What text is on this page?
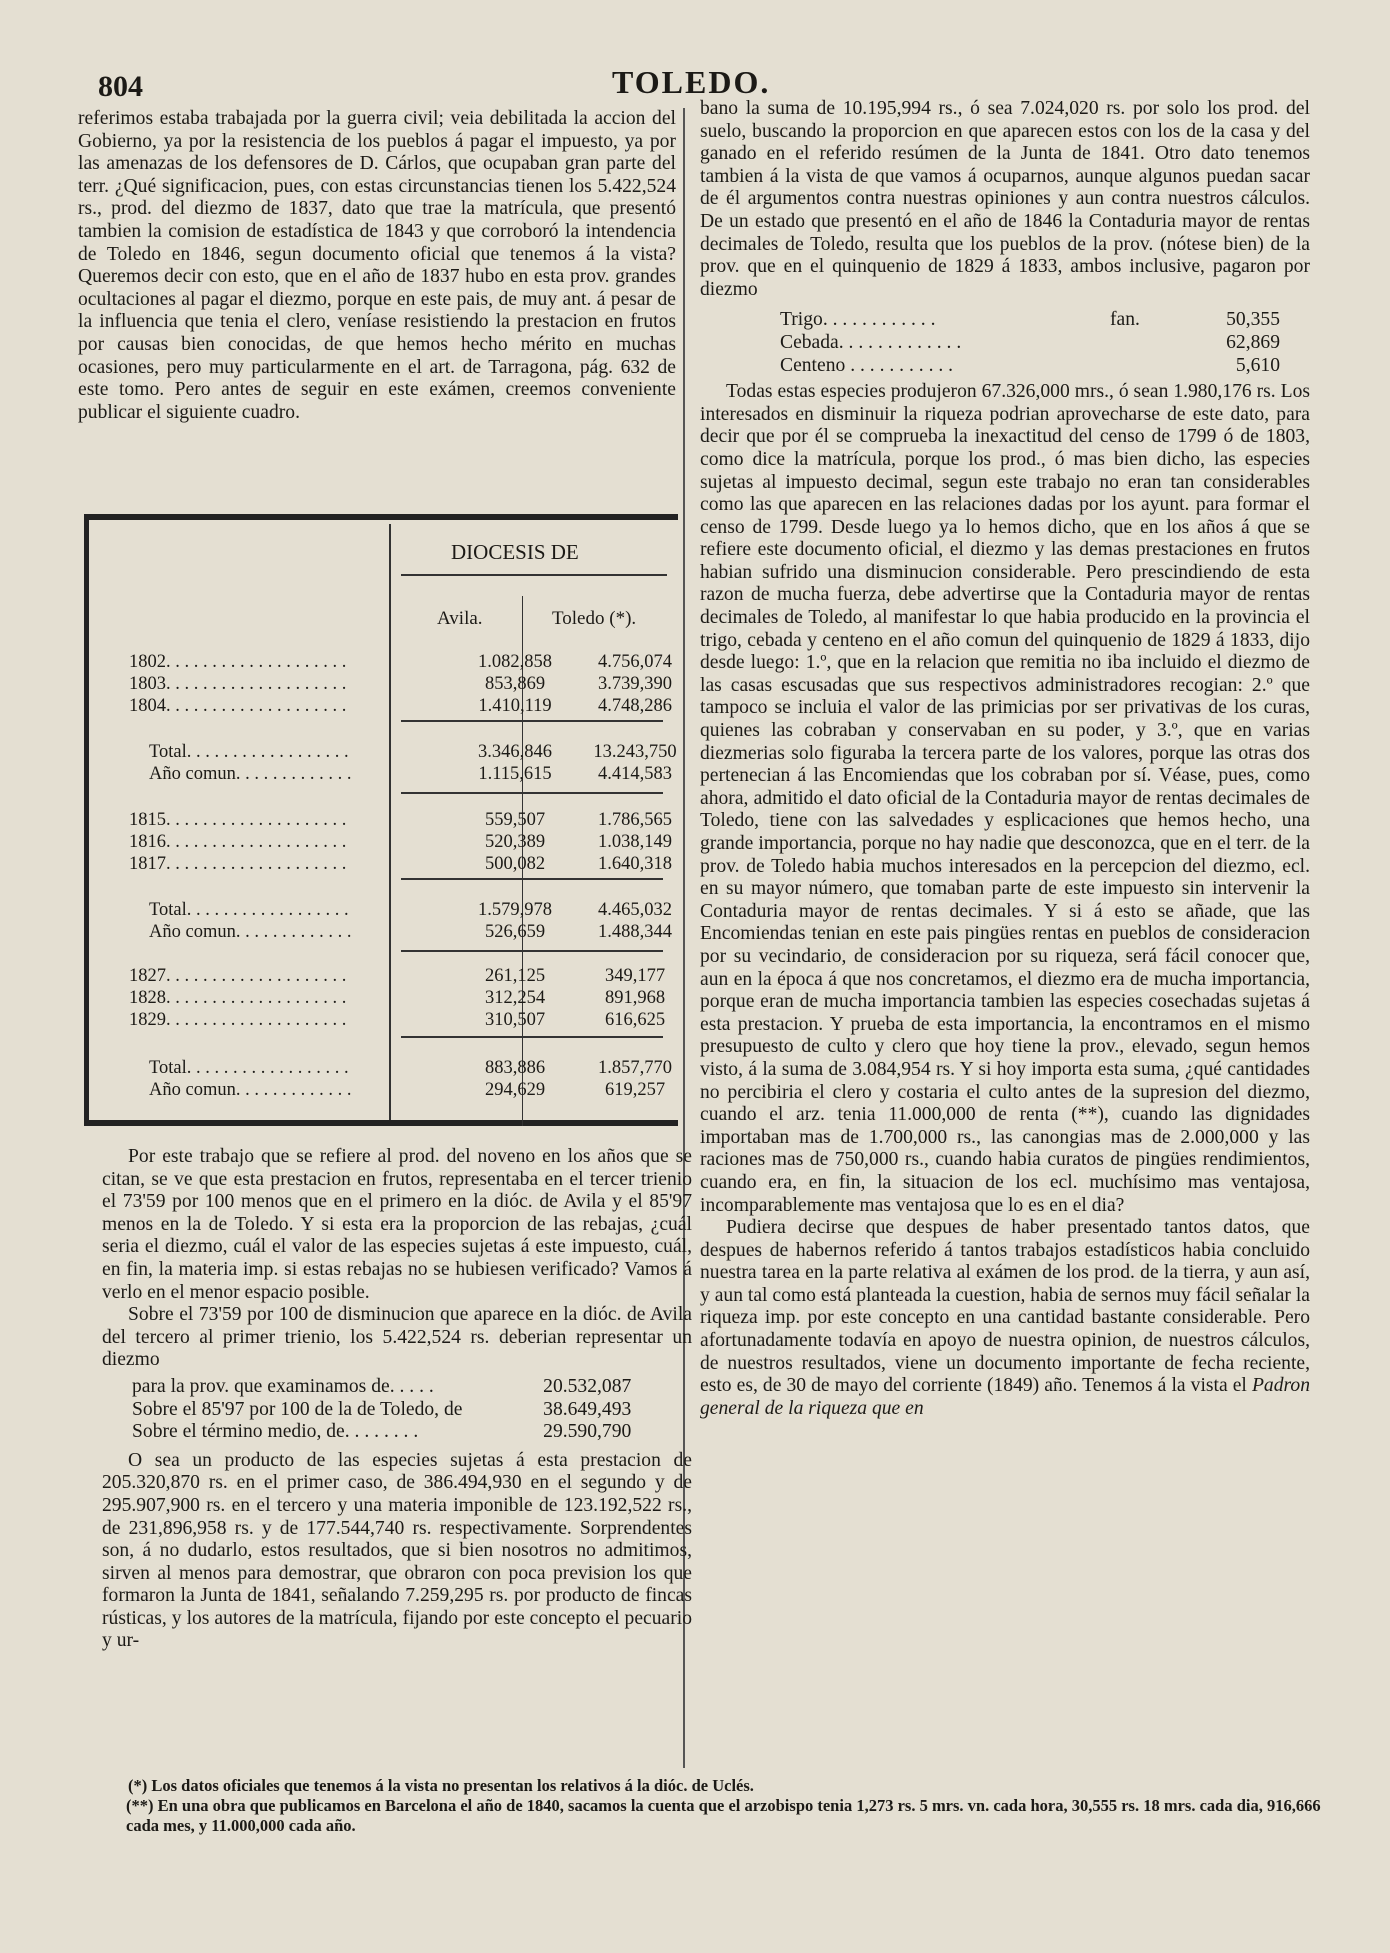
804	TOLEDO.

referimos estaba trabajada por la guerra civil; veia debilitada la accion del Gobierno, ya por la resistencia de los pueblos á pagar el impuesto, ya por las amenazas de los defensores de D. Cárlos, que ocupaban gran parte del terr. ¿Qué significacion, pues, con estas circunstancias tienen los 5.422,524 rs., prod. del diezmo de 1837, dato que trae la matrícula, que presentó tambien la comision de estadística de 1843 y que corroboró la intendencia de Toledo en 1846, segun documento oficial que tenemos á la vista? Queremos decir con esto, que en el año de 1837 hubo en esta prov. grandes ocultaciones al pagar el diezmo, porque en este pais, de muy ant. á pesar de la influencia que tenia el clero, veníase resistiendo la prestacion en frutos por causas bien conocidas, de que hemos hecho mérito en muchas ocasiones, pero muy particularmente en el art. de Tarragona, pág. 632 de este tomo. Pero antes de seguir en este exámen, creemos conveniente publicar el siguiente cuadro.

DIOCESIS DE
Avila.	Toledo (*).
1802. . . . . . . . . . . . . . . . . . . .	1.082,858	4.756,074
1803. . . . . . . . . . . . . . . . . . . .	853,869	3.739,390
1804. . . . . . . . . . . . . . . . . . . .	1.410,119	4.748,286
Total. . . . . . . . . . . . . . . . . .	3.346,846	13.243,750
Año comun. . . . . . . . . . . . .	1.115,615	4.414,583
1815. . . . . . . . . . . . . . . . . . . .	559,507	1.786,565
1816. . . . . . . . . . . . . . . . . . . .	520,389	1.038,149
1817. . . . . . . . . . . . . . . . . . . .	500,082	1.640,318
Total. . . . . . . . . . . . . . . . . .	1.579,978	4.465,032
Año comun. . . . . . . . . . . . .	526,659	1.488,344
1827. . . . . . . . . . . . . . . . . . . .	261,125	349,177
1828. . . . . . . . . . . . . . . . . . . .	312,254	891,968
1829. . . . . . . . . . . . . . . . . . . .	310,507	616,625
Total. . . . . . . . . . . . . . . . . .	883,886	1.857,770
Año comun. . . . . . . . . . . . .	294,629	619,257

Por este trabajo que se refiere al prod. del noveno en los años que se citan, se ve que esta prestacion en frutos, representaba en el tercer trienio el 73'59 por 100 menos que en el primero en la dióc. de Avila y el 85'97 menos en la de Toledo. Y si esta era la proporcion de las rebajas, ¿cuál seria el diezmo, cuál el valor de las especies sujetas á este impuesto, cuál, en fin, la materia imp. si estas rebajas no se hubiesen verificado? Vamos á verlo en el menor espacio posible.

Sobre el 73'59 por 100 de disminucion que aparece en la dióc. de Avila del tercero al primer trienio, los 5.422,524 rs. deberian representar un diezmo

para la prov. que examinamos de. . . . .	20.532,087
Sobre el 85'97 por 100 de la de Toledo, de	38.649,493
Sobre el término medio, de. . . . . . . .	29.590,790

O sea un producto de las especies sujetas á esta prestacion de 205.320,870 rs. en el primer caso, de 386.494,930 en el segundo y de 295.907,900 rs. en el tercero y una materia imponible de 123.192,522 rs., de 231,896,958 rs. y de 177.544,740 rs. respectivamente. Sorprendentes son, á no dudarlo, estos resultados, que si bien nosotros no admitimos, sirven al menos para demostrar, que obraron con poca prevision los que formaron la Junta de 1841, señalando 7.259,295 rs. por producto de fincas rústicas, y los autores de la matrícula, fijando por este concepto el pecuario y ur-

bano la suma de 10.195,994 rs., ó sea 7.024,020 rs. por solo los prod. del suelo, buscando la proporcion en que aparecen estos con los de la casa y del ganado en el referido resúmen de la Junta de 1841. Otro dato tenemos tambien á la vista de que vamos á ocuparnos, aunque algunos puedan sacar de él argumentos contra nuestras opiniones y aun contra nuestros cálculos. De un estado que presentó en el año de 1846 la Contaduria mayor de rentas decimales de Toledo, resulta que los pueblos de la prov. (nótese bien) de la prov. que en el quinquenio de 1829 á 1833, ambos inclusive, pagaron por diezmo

Trigo. . . . . . . . . . . .	fan.	50,355
Cebada. . . . . . . . . . . . .	62,869
Centeno . . . . . . . . . . .	5,610

Todas estas especies produjeron 67.326,000 mrs., ó sean 1.980,176 rs. Los interesados en disminuir la riqueza podrian aprovecharse de este dato, para decir que por él se comprueba la inexactitud del censo de 1799 ó de 1803, como dice la matrícula, porque los prod., ó mas bien dicho, las especies sujetas al impuesto decimal, segun este trabajo no eran tan considerables como las que aparecen en las relaciones dadas por los ayunt. para formar el censo de 1799. Desde luego ya lo hemos dicho, que en los años á que se refiere este documento oficial, el diezmo y las demas prestaciones en frutos habian sufrido una disminucion considerable. Pero prescindiendo de esta razon de mucha fuerza, debe advertirse que la Contaduria mayor de rentas decimales de Toledo, al manifestar lo que habia producido en la provincia el trigo, cebada y centeno en el año comun del quinquenio de 1829 á 1833, dijo desde luego: 1.º, que en la relacion que remitia no iba incluido el diezmo de las casas escusadas que sus respectivos administradores recogian: 2.º que tampoco se incluia el valor de las primicias por ser privativas de los curas, quienes las cobraban y conservaban en su poder, y 3.º, que en varias diezmerias solo figuraba la tercera parte de los valores, porque las otras dos pertenecian á las Encomiendas que los cobraban por sí. Véase, pues, como ahora, admitido el dato oficial de la Contaduria mayor de rentas decimales de Toledo, tiene con las salvedades y esplicaciones que hemos hecho, una grande importancia, porque no hay nadie que desconozca, que en el terr. de la prov. de Toledo habia muchos interesados en la percepcion del diezmo, ecl. en su mayor número, que tomaban parte de este impuesto sin intervenir la Contaduria mayor de rentas decimales. Y si á esto se añade, que las Encomiendas tenian en este pais pingües rentas en pueblos de consideracion por su vecindario, de consideracion por su riqueza, será fácil conocer que, aun en la época á que nos concretamos, el diezmo era de mucha importancia, porque eran de mucha importancia tambien las especies cosechadas sujetas á esta prestacion. Y prueba de esta importancia, la encontramos en el mismo presupuesto de culto y clero que hoy tiene la prov., elevado, segun hemos visto, á la suma de 3.084,954 rs. Y si hoy importa esta suma, ¿qué cantidades no percibiria el clero y costaria el culto antes de la supresion del diezmo, cuando el arz. tenia 11.000,000 de renta (**), cuando las dignidades importaban mas de 1.700,000 rs., las canongias mas de 2.000,000 y las raciones mas de 750,000 rs., cuando habia curatos de pingües rendimientos, cuando era, en fin, la situacion de los ecl. muchísimo mas ventajosa, incomparablemente mas ventajosa que lo es en el dia?

Pudiera decirse que despues de haber presentado tantos datos, que despues de habernos referido á tantos trabajos estadísticos habia concluido nuestra tarea en la parte relativa al exámen de los prod. de la tierra, y aun así, y aun tal como está planteada la cuestion, habia de sernos muy fácil señalar la riqueza imp. por este concepto en una cantidad bastante considerable. Pero afortunadamente todavía en apoyo de nuestra opinion, de nuestros cálculos, de nuestros resultados, viene un documento importante de fecha reciente, esto es, de 30 de mayo del corriente (1849) año. Tenemos á la vista el Padron general de la riqueza que en

(*) Los datos oficiales que tenemos á la vista no presentan los relativos á la dióc. de Uclés.

(**) En una obra que publicamos en Barcelona el año de 1840, sacamos la cuenta que el arzobispo tenia 1,273 rs. 5 mrs. vn. cada hora, 30,555 rs. 18 mrs. cada dia, 916,666 cada mes, y 11.000,000 cada año.
